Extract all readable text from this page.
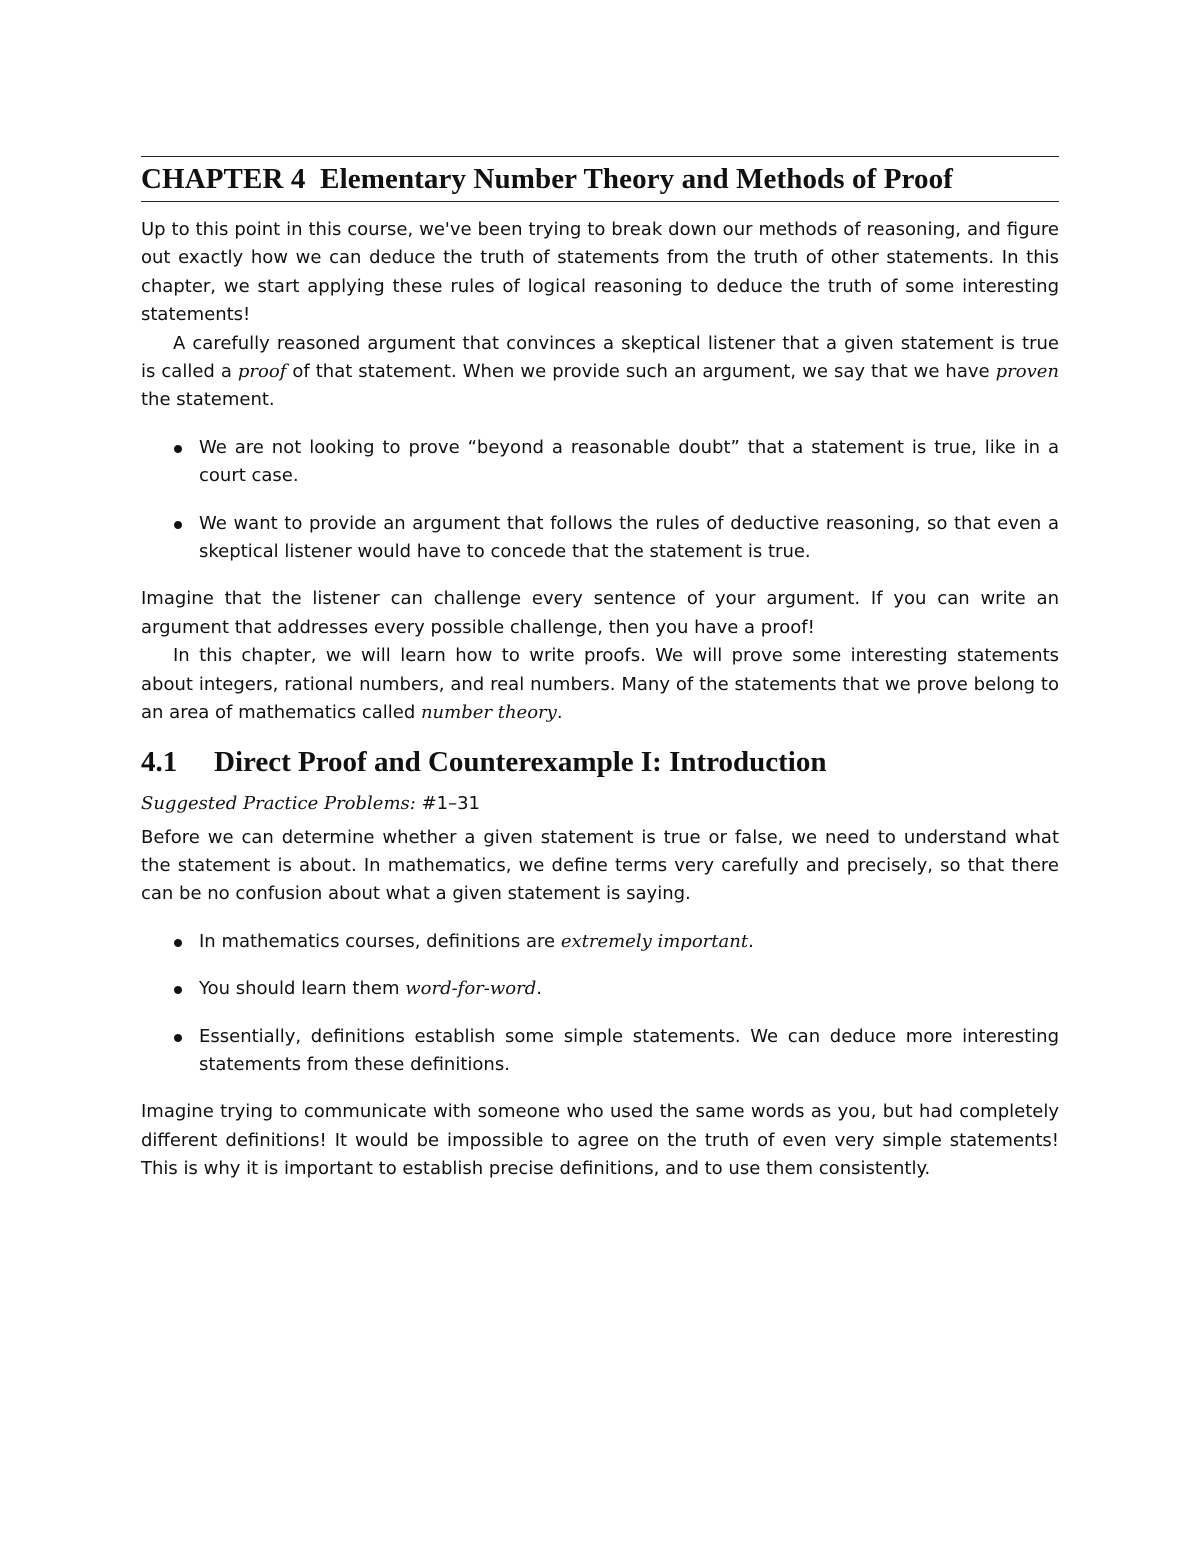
CHAPTER 4 Elementary Number Theory and Methods of Proof

Up to this point in this course, we've been trying to break down our methods of reasoning, and figure out exactly how we can deduce the truth of statements from the truth of other statements. In this chapter, we start applying these rules of logical reasoning to deduce the truth of some interesting statements!

A carefully reasoned argument that convinces a skeptical listener that a given statement is true is called a proof of that statement. When we provide such an argument, we say that we have proven the statement.

We are not looking to prove “beyond a reasonable doubt” that a statement is true, like in a court case.
We want to provide an argument that follows the rules of deductive reasoning, so that even a skeptical listener would have to concede that the statement is true.

Imagine that the listener can challenge every sentence of your argument. If you can write an argument that addresses every possible challenge, then you have a proof!

In this chapter, we will learn how to write proofs. We will prove some interesting statements about integers, rational numbers, and real numbers. Many of the statements that we prove belong to an area of mathematics called number theory.

4.1 Direct Proof and Counterexample I: Introduction

Suggested Practice Problems: #1–31

Before we can determine whether a given statement is true or false, we need to understand what the statement is about. In mathematics, we define terms very carefully and precisely, so that there can be no confusion about what a given statement is saying.

In mathematics courses, definitions are extremely important.
You should learn them word-for-word.
Essentially, definitions establish some simple statements. We can deduce more interesting statements from these definitions.

Imagine trying to communicate with someone who used the same words as you, but had completely different definitions! It would be impossible to agree on the truth of even very simple statements! This is why it is important to establish precise definitions, and to use them consistently.
